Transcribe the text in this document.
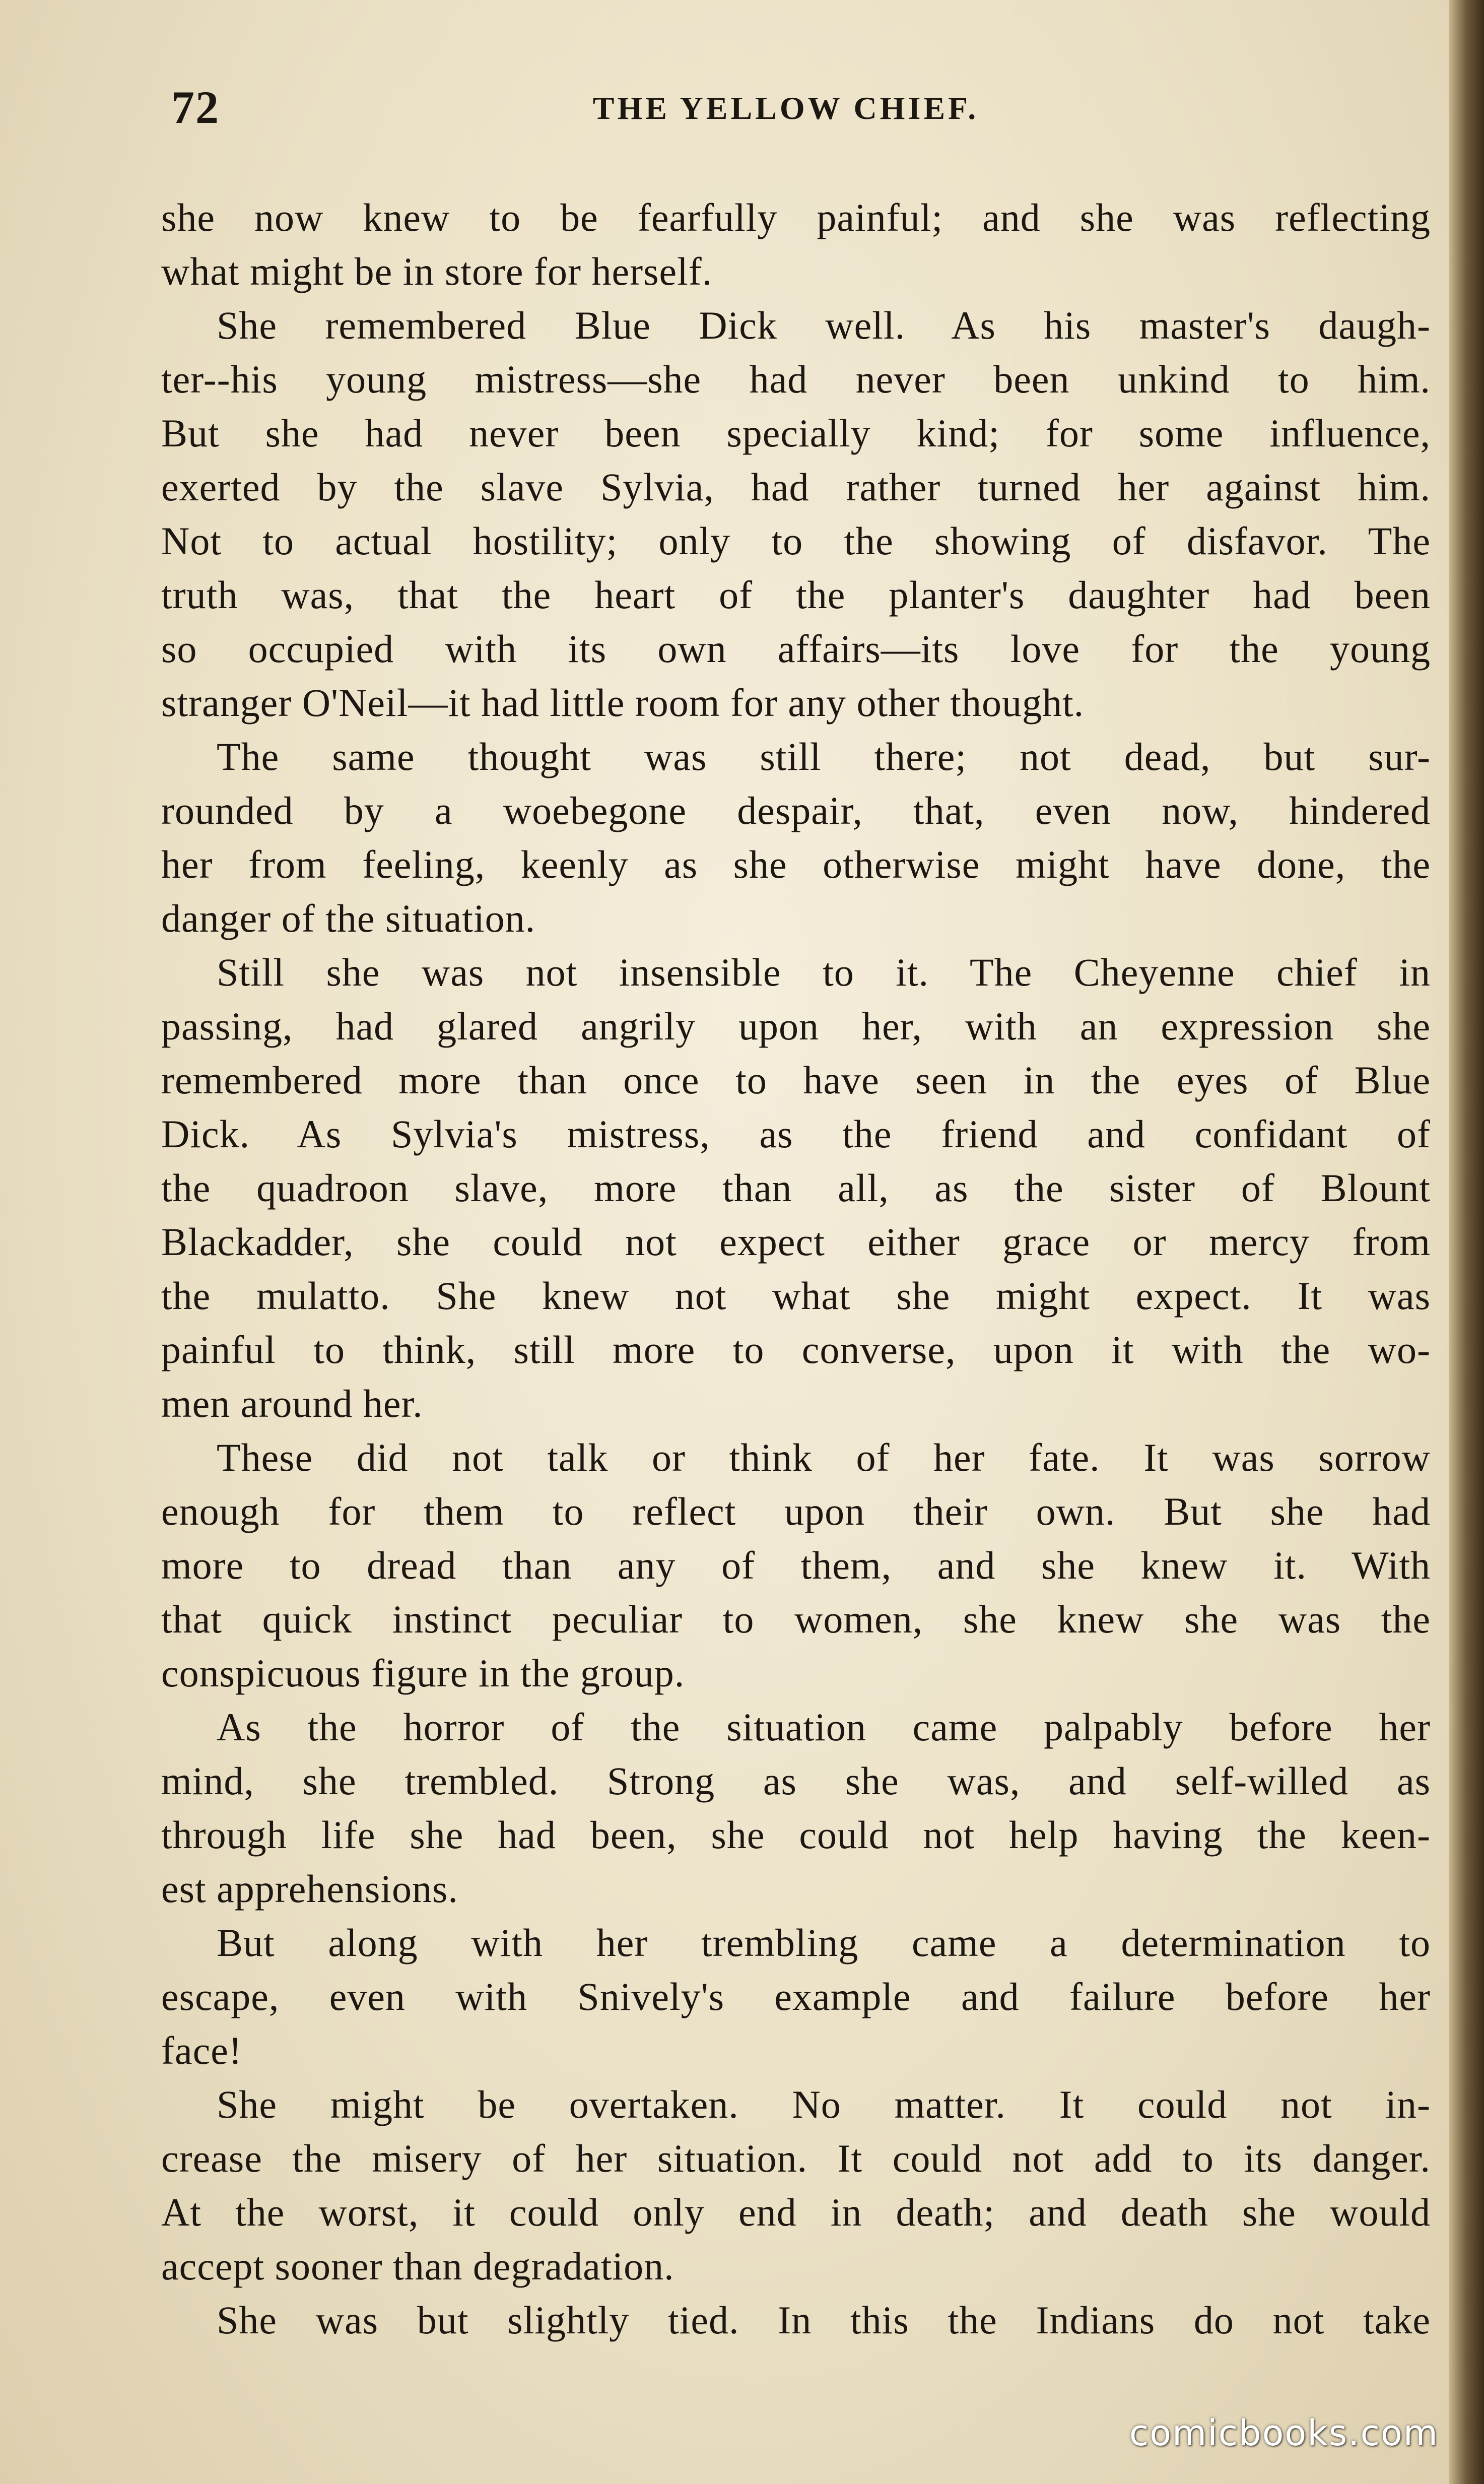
72	THE YELLOW CHIEF.
she now knew to be fearfully painful; and she was reflecting
what might be in store for herself.
She remembered Blue Dick well. As his master's daugh-
ter--his young mistress—she had never been unkind to him.
But she had never been specially kind; for some influence,
exerted by the slave Sylvia, had rather turned her against him.
Not to actual hostility; only to the showing of disfavor. The
truth was, that the heart of the planter's daughter had been
so occupied with its own affairs—its love for the young
stranger O'Neil—it had little room for any other thought.
The same thought was still there; not dead, but sur-
rounded by a woebegone despair, that, even now, hindered
her from feeling, keenly as she otherwise might have done, the
danger of the situation.
Still she was not insensible to it. The Cheyenne chief in
passing, had glared angrily upon her, with an expression she
remembered more than once to have seen in the eyes of Blue
Dick. As Sylvia's mistress, as the friend and confidant of
the quadroon slave, more than all, as the sister of Blount
Blackadder, she could not expect either grace or mercy from
the mulatto. She knew not what she might expect. It was
painful to think, still more to converse, upon it with the wo-
men around her.
These did not talk or think of her fate. It was sorrow
enough for them to reflect upon their own. But she had
more to dread than any of them, and she knew it. With
that quick instinct peculiar to women, she knew she was the
conspicuous figure in the group.
As the horror of the situation came palpably before her
mind, she trembled. Strong as she was, and self-willed as
through life she had been, she could not help having the keen-
est apprehensions.
But along with her trembling came a determination to
escape, even with Snively's example and failure before her
face!
She might be overtaken. No matter. It could not in-
crease the misery of her situation. It could not add to its danger.
At the worst, it could only end in death; and death she would
accept sooner than degradation.
She was but slightly tied. In this the Indians do not take
comicbooks.com
